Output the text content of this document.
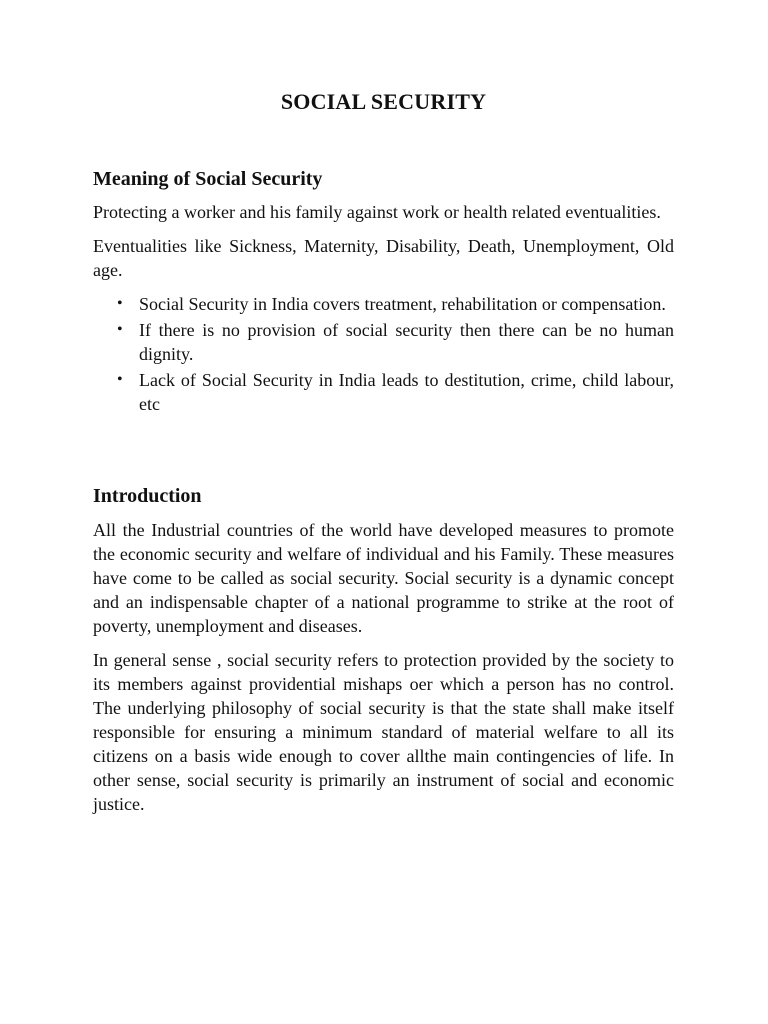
SOCIAL SECURITY
Meaning of Social Security

Protecting a worker and his family against work or health related eventualities.

Eventualities like Sickness, Maternity, Disability, Death, Unemployment, Old age.

• Social Security in India covers treatment, rehabilitation or compensation.
• If there is no provision of social security then there can be no human dignity.
• Lack of Social Security in India leads to destitution, crime, child labour, etc
Introduction

All the Industrial countries of the world have developed measures to promote the economic security and welfare of individual and his Family. These measures have come to be called as social security. Social security is a dynamic concept and an indispensable chapter of a national programme to strike at the root of poverty, unemployment and diseases.

In general sense , social security refers to protection provided by the society to its members against providential mishaps oer which a person has no control. The underlying philosophy of social security is that the state shall make itself responsible for ensuring a minimum standard of material welfare to all its citizens on a basis wide enough to cover allthe main contingencies of life. In other sense, social security is primarily an instrument of social and economic justice.
